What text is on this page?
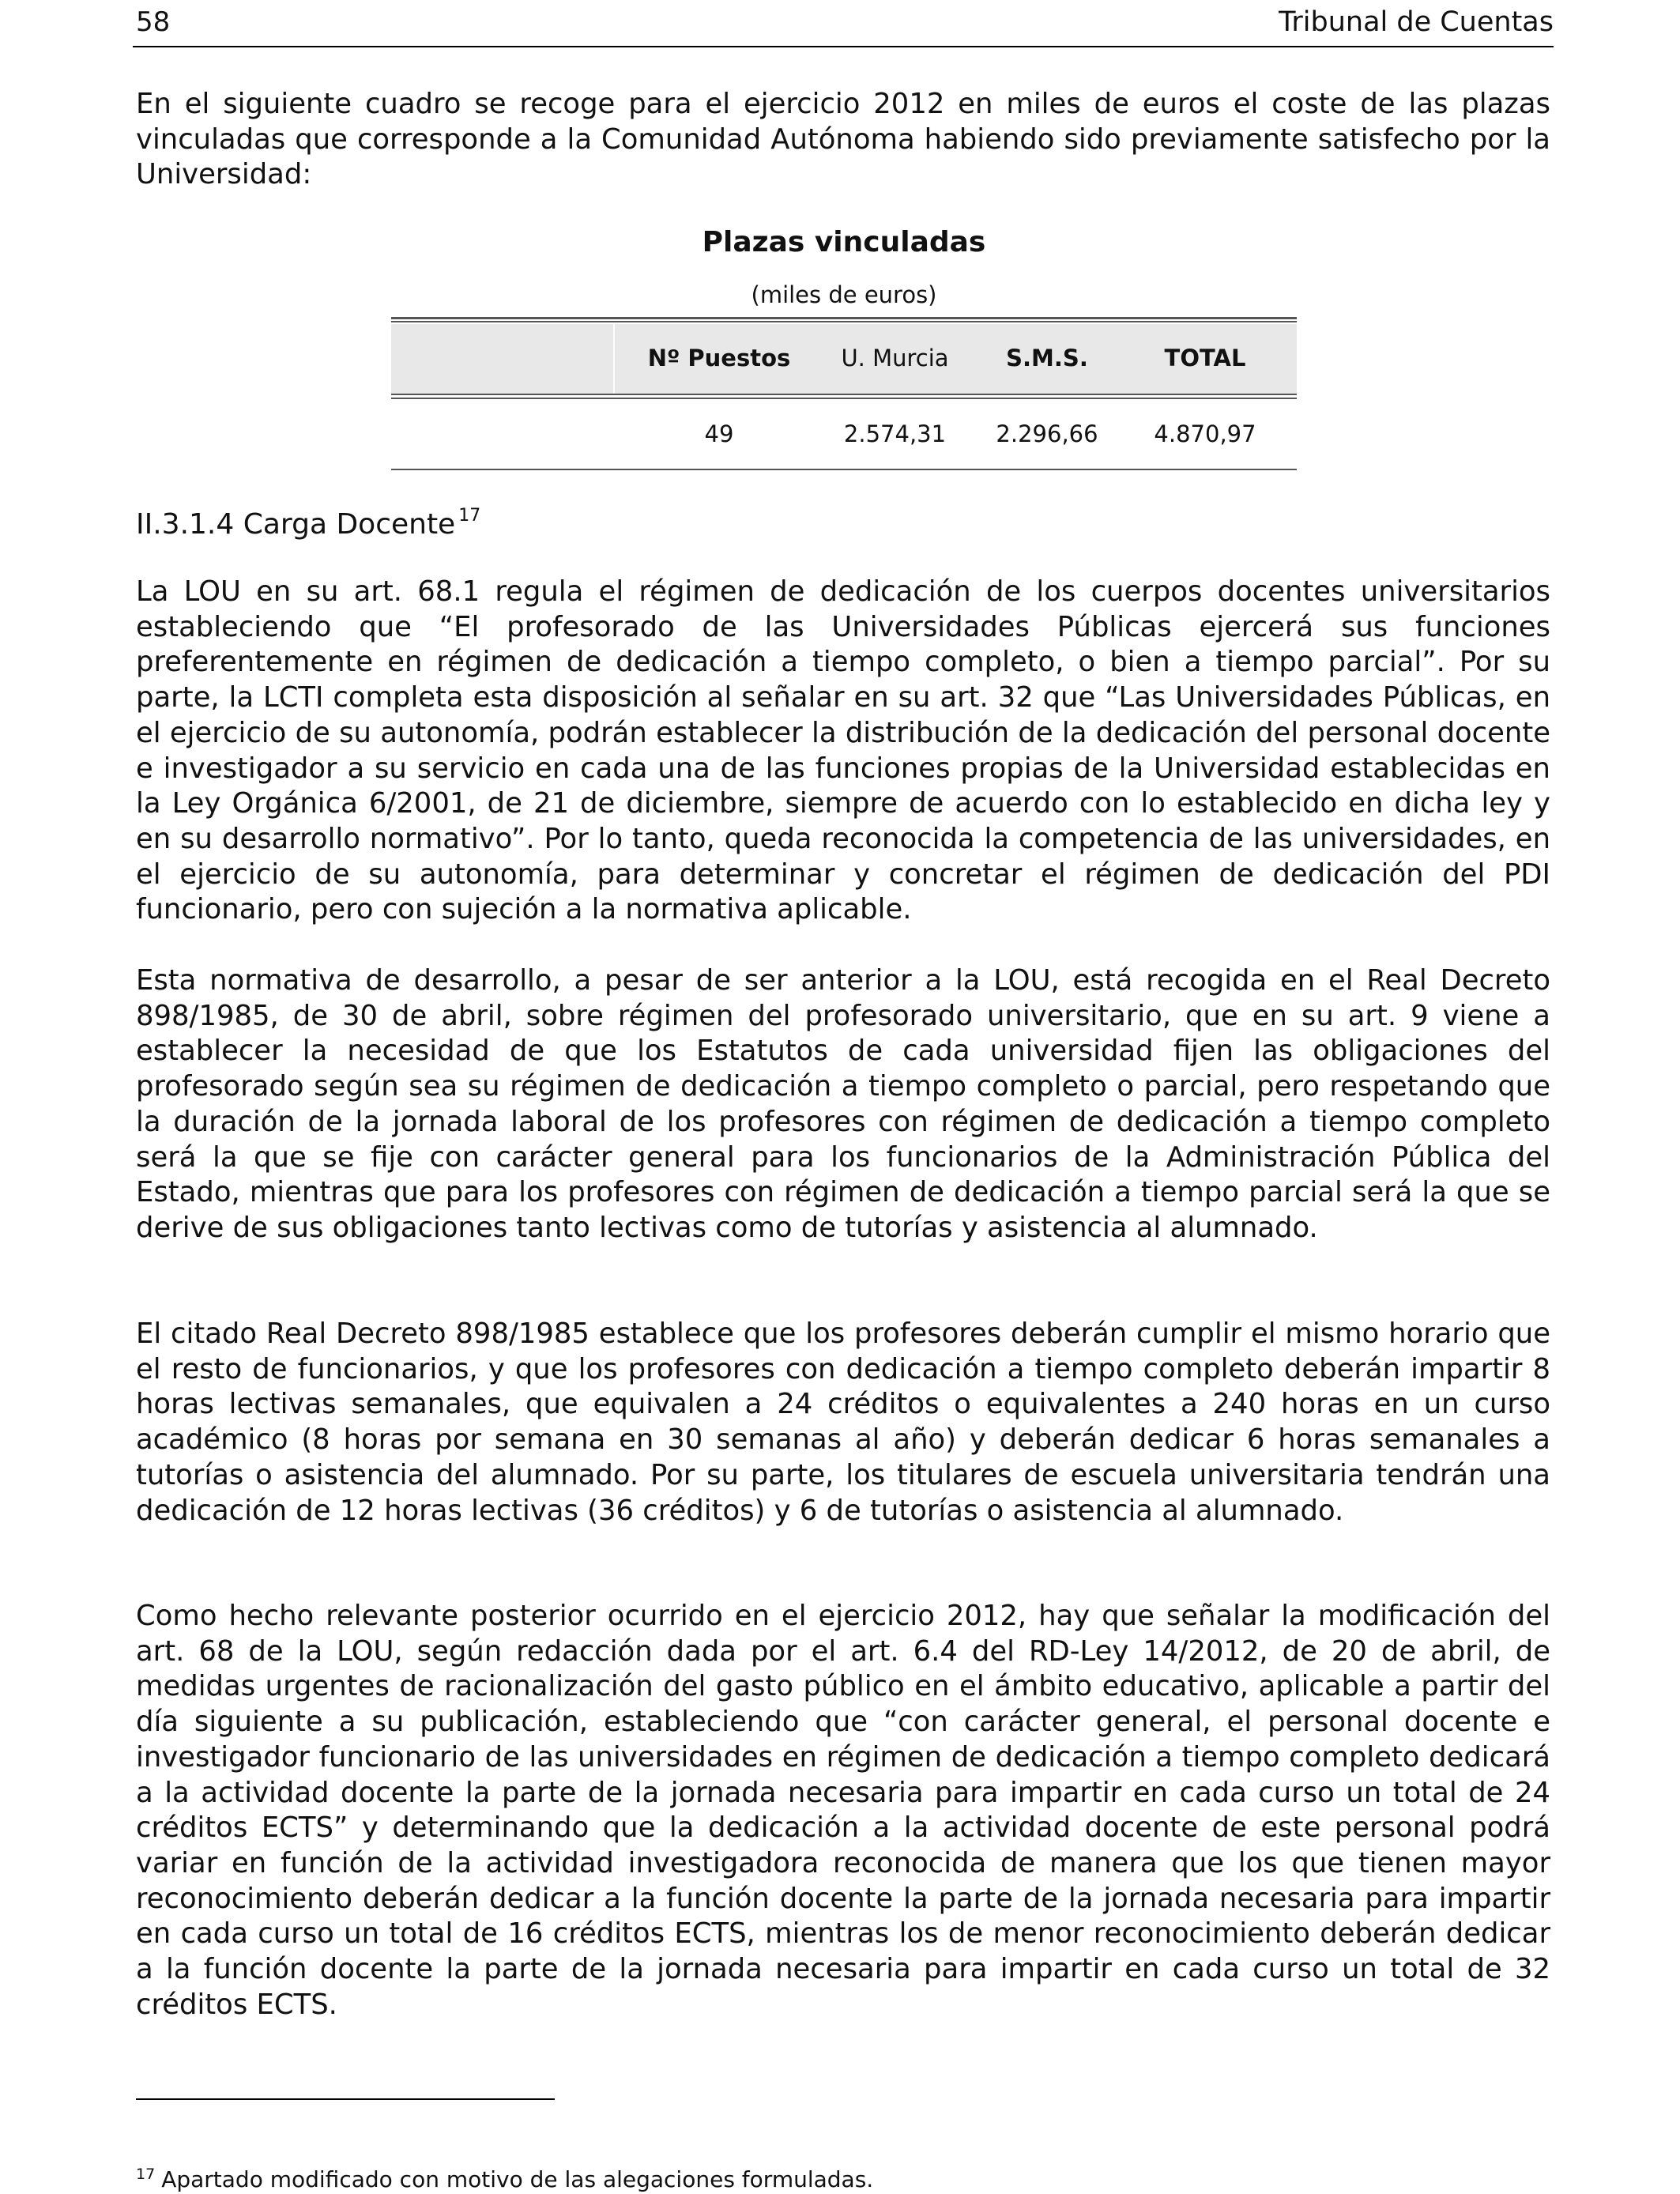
58	Tribunal de Cuentas

En el siguiente cuadro se recoge para el ejercicio 2012 en miles de euros el coste de las plazas vinculadas que corresponde a la Comunidad Autónoma habiendo sido previamente satisfecho por la Universidad:

Plazas vinculadas
(miles de euros)
Nº Puestos	U. Murcia	S.M.S.	TOTAL
49	2.574,31	2.296,66	4.870,97
II.3.1.4 Carga Docente $^{17}$

La LOU en su art. 68.1 regula el régimen de dedicación de los cuerpos docentes universitarios estableciendo que “El profesorado de las Universidades Públicas ejercerá sus funciones preferentemente en régimen de dedicación a tiempo completo, o bien a tiempo parcial”. Por su parte, la LCTI completa esta disposición al señalar en su art. 32 que “Las Universidades Públicas, en el ejercicio de su autonomía, podrán establecer la distribución de la dedicación del personal docente e investigador a su servicio en cada una de las funciones propias de la Universidad establecidas en la Ley Orgánica 6/2001, de 21 de diciembre, siempre de acuerdo con lo establecido en dicha ley y en su desarrollo normativo”. Por lo tanto, queda reconocida la competencia de las universidades, en el ejercicio de su autonomía, para determinar y concretar el régimen de dedicación del PDI funcionario, pero con sujeción a la normativa aplicable.

Esta normativa de desarrollo, a pesar de ser anterior a la LOU, está recogida en el Real Decreto 898/1985, de 30 de abril, sobre régimen del profesorado universitario, que en su art. 9 viene a establecer la necesidad de que los Estatutos de cada universidad fijen las obligaciones del profesorado según sea su régimen de dedicación a tiempo completo o parcial, pero respetando que la duración de la jornada laboral de los profesores con régimen de dedicación a tiempo completo será la que se fije con carácter general para los funcionarios de la Administración Pública del Estado, mientras que para los profesores con régimen de dedicación a tiempo parcial será la que se derive de sus obligaciones tanto lectivas como de tutorías y asistencia al alumnado.

El citado Real Decreto 898/1985 establece que los profesores deberán cumplir el mismo horario que el resto de funcionarios, y que los profesores con dedicación a tiempo completo deberán impartir 8 horas lectivas semanales, que equivalen a 24 créditos o equivalentes a 240 horas en un curso académico (8 horas por semana en 30 semanas al año) y deberán dedicar 6 horas semanales a tutorías o asistencia del alumnado. Por su parte, los titulares de escuela universitaria tendrán una dedicación de 12 horas lectivas (36 créditos) y 6 de tutorías o asistencia al alumnado.

Como hecho relevante posterior ocurrido en el ejercicio 2012, hay que señalar la modificación del art. 68 de la LOU, según redacción dada por el art. 6.4 del RD-Ley 14/2012, de 20 de abril, de medidas urgentes de racionalización del gasto público en el ámbito educativo, aplicable a partir del día siguiente a su publicación, estableciendo que “con carácter general, el personal docente e investigador funcionario de las universidades en régimen de dedicación a tiempo completo dedicará a la actividad docente la parte de la jornada necesaria para impartir en cada curso un total de 24 créditos ECTS” y determinando que la dedicación a la actividad docente de este personal podrá variar en función de la actividad investigadora reconocida de manera que los que tienen mayor reconocimiento deberán dedicar a la función docente la parte de la jornada necesaria para impartir en cada curso un total de 16 créditos ECTS, mientras los de menor reconocimiento deberán dedicar a la función docente la parte de la jornada necesaria para impartir en cada curso un total de 32 créditos ECTS.

$^{17}$ Apartado modificado con motivo de las alegaciones formuladas.
